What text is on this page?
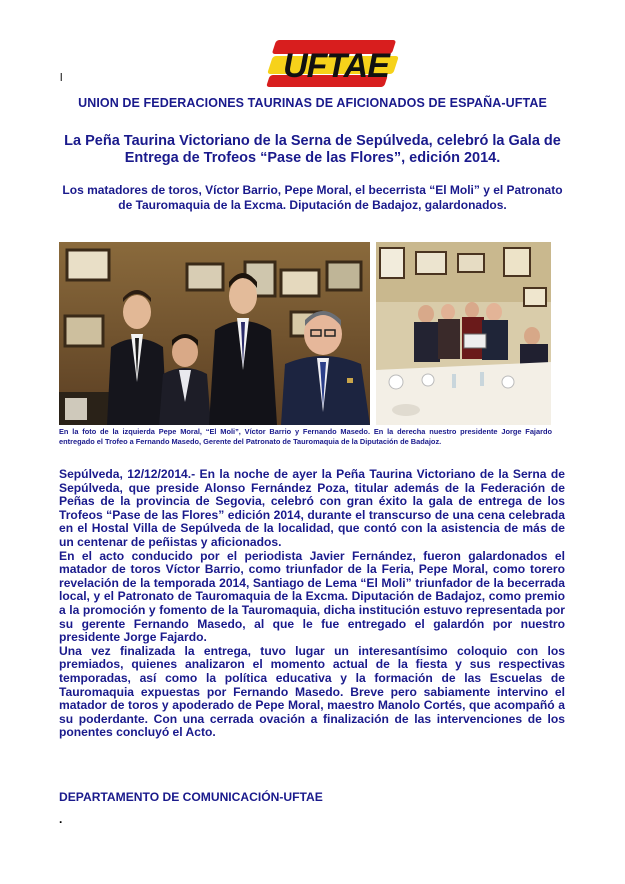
UFTAE
l
UNION DE FEDERACIONES TAURINAS DE AFICIONADOS DE ESPAÑA-UFTAE
La Peña Taurina Victoriano de la Serna de Sepúlveda, celebró la Gala de Entrega de Trofeos “Pase de las Flores”, edición 2014.
Los matadores de toros, Víctor Barrio, Pepe Moral, el becerrista “El Moli” y el Patronato de Tauromaquia de la Excma. Diputación de Badajoz, galardonados.
En la foto de la izquierda Pepe Moral, “El Moli”, Víctor Barrio y Fernando Masedo. En la derecha nuestro presidente Jorge Fajardo entregado el Trofeo a Fernando Masedo, Gerente del Patronato de Tauromaquia de la Diputación de Badajoz.

Sepúlveda, 12/12/2014.- En la noche de ayer la Peña Taurina Victoriano de la Serna de Sepúlveda, que preside Alonso Fernández Poza, titular además de la Federación de Peñas de la provincia de Segovia, celebró con gran éxito la gala de entrega de los Trofeos “Pase de las Flores” edición 2014, durante el transcurso de una cena celebrada en el Hostal Villa de Sepúlveda de la localidad, que contó con la asistencia de más de un centenar de peñistas y aficionados.

En el acto conducido por el periodista Javier Fernández, fueron galardonados el matador de toros Víctor Barrio, como triunfador de la Feria, Pepe Moral, como torero revelación de la temporada 2014, Santiago de Lema “El Moli” triunfador de la becerrada local, y el Patronato de Tauromaquia de la Excma. Diputación de Badajoz, como premio a la promoción y fomento de la Tauromaquia, dicha institución estuvo representada por su gerente Fernando Masedo, al que le fue entregado el galardón por nuestro presidente Jorge Fajardo.

Una vez finalizada la entrega, tuvo lugar un interesantísimo coloquio con los premiados, quienes analizaron el momento actual de la fiesta y sus respectivas temporadas, así como la política educativa y la formación de las Escuelas de Tauromaquia expuestas por Fernando Masedo. Breve pero sabiamente intervino el matador de toros y apoderado de Pepe Moral, maestro Manolo Cortés, que acompañó a su poderdante. Con una cerrada ovación a finalización de las intervenciones de los ponentes concluyó el Acto.

DEPARTAMENTO DE COMUNICACIÓN-UFTAE
.
